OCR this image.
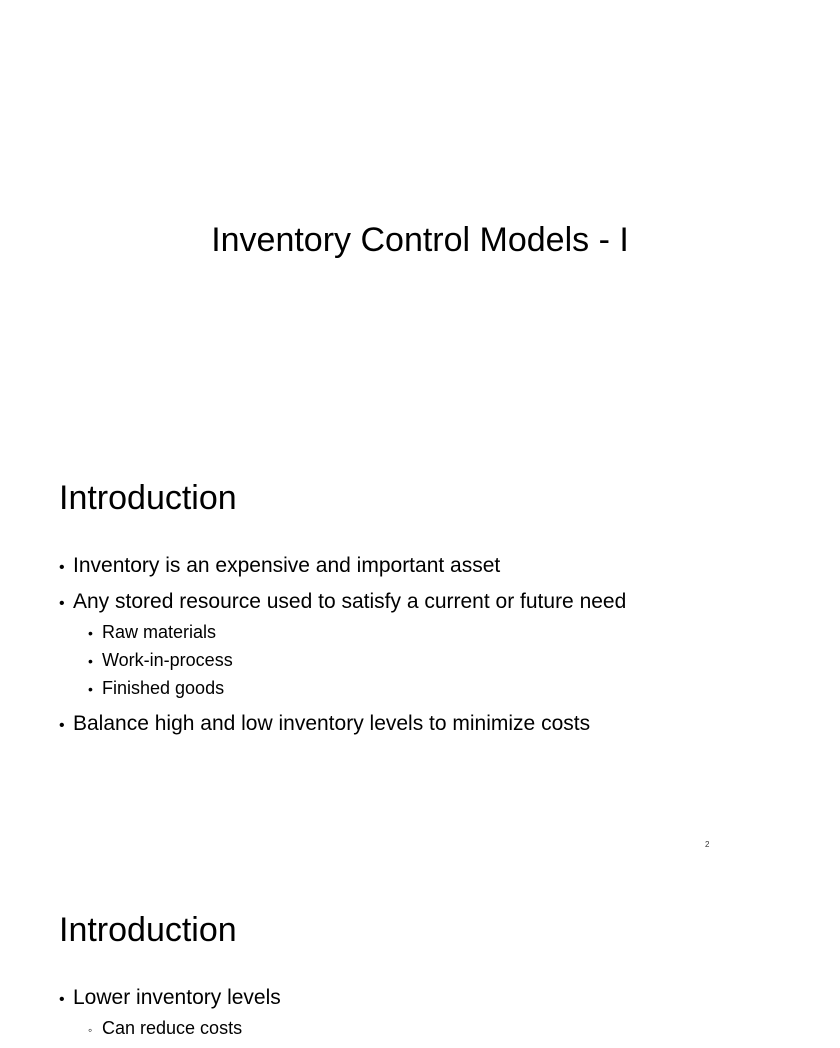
Inventory Control Models - I
Introduction
• Inventory is an expensive and important asset
• Any stored resource used to satisfy a current or future need
• Raw materials
• Work-in-process
• Finished goods
• Balance high and low inventory levels to minimize costs
2
Introduction
• Lower inventory levels
◦ Can reduce costs
